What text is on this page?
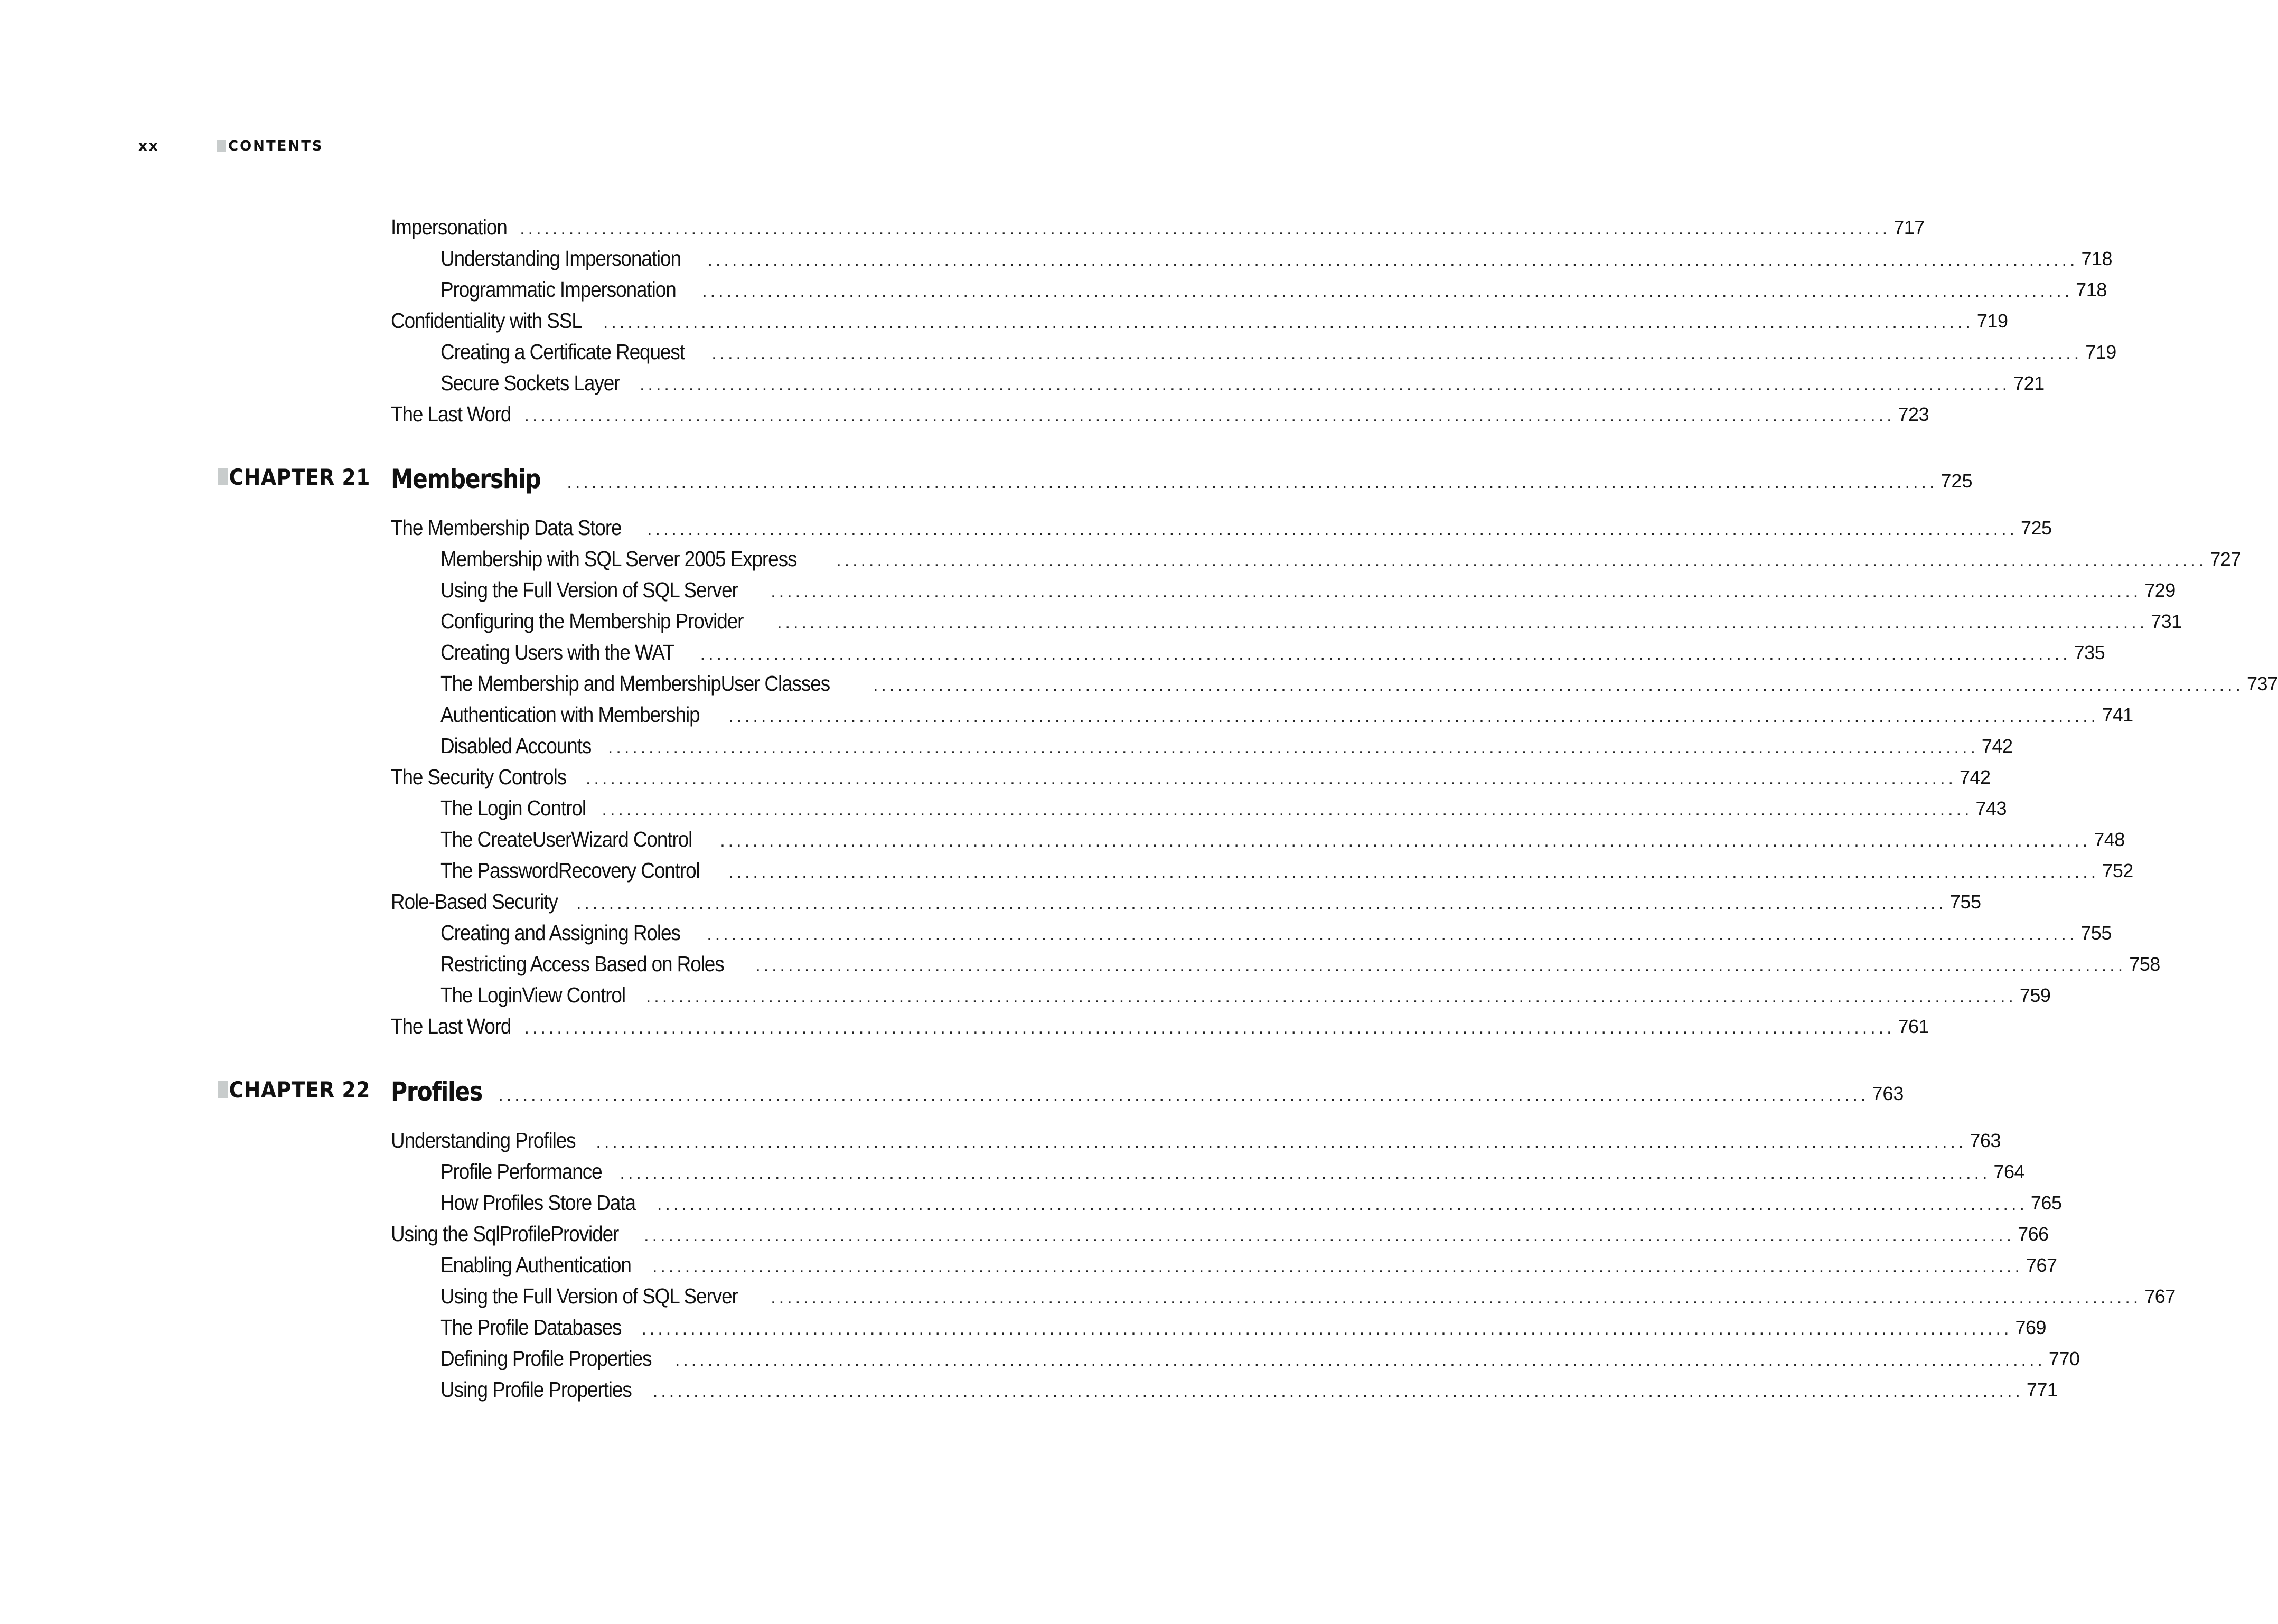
xx	CONTENTS
Impersonation ........................................................................................................................................................................ 717
Understanding Impersonation ........................................................................................................................................................................ 718
Programmatic Impersonation ........................................................................................................................................................................ 718
Confidentiality with SSL ........................................................................................................................................................................ 719
Creating a Certificate Request ........................................................................................................................................................................ 719
Secure Sockets Layer ........................................................................................................................................................................ 721
The Last Word ........................................................................................................................................................................ 723
CHAPTER 21 Membership ........................................................................................................................................................................ 725
The Membership Data Store ........................................................................................................................................................................ 725
Membership with SQL Server 2005 Express ........................................................................................................................................................................ 727
Using the Full Version of SQL Server ........................................................................................................................................................................ 729
Configuring the Membership Provider ........................................................................................................................................................................ 731
Creating Users with the WAT ........................................................................................................................................................................ 735
The Membership and MembershipUser Classes ........................................................................................................................................................................ 737
Authentication with Membership ........................................................................................................................................................................ 741
Disabled Accounts ........................................................................................................................................................................ 742
The Security Controls ........................................................................................................................................................................ 742
The Login Control ........................................................................................................................................................................ 743
The CreateUserWizard Control ........................................................................................................................................................................ 748
The PasswordRecovery Control ........................................................................................................................................................................ 752
Role-Based Security ........................................................................................................................................................................ 755
Creating and Assigning Roles ........................................................................................................................................................................ 755
Restricting Access Based on Roles ........................................................................................................................................................................ 758
The LoginView Control ........................................................................................................................................................................ 759
The Last Word ........................................................................................................................................................................ 761
CHAPTER 22 Profiles ........................................................................................................................................................................ 763
Understanding Profiles ........................................................................................................................................................................ 763
Profile Performance ........................................................................................................................................................................ 764
How Profiles Store Data ........................................................................................................................................................................ 765
Using the SqlProfileProvider ........................................................................................................................................................................ 766
Enabling Authentication ........................................................................................................................................................................ 767
Using the Full Version of SQL Server ........................................................................................................................................................................ 767
The Profile Databases ........................................................................................................................................................................ 769
Defining Profile Properties ........................................................................................................................................................................ 770
Using Profile Properties ........................................................................................................................................................................ 771
